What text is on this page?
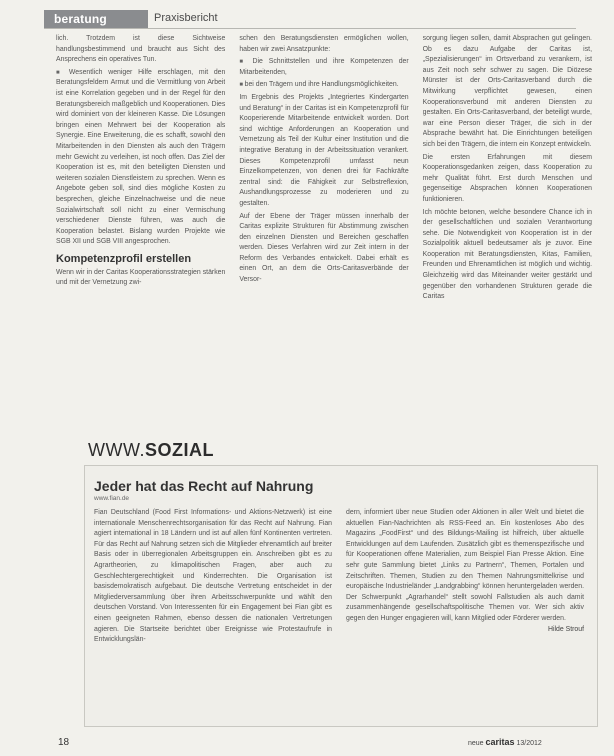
beratung	Praxisbericht

lich. Trotzdem ist diese Sichtweise handlungsbestimmend und braucht aus Sicht des Ansprechens ein operatives Tun.

■ Wesentlich weniger Hilfe erschlagen, mit den Beratungsfeldern Armut und die Vermittlung von Arbeit ist eine Korrelation gegeben und in der Regel für den Beratungsbereich maßgeblich und Kooperationen. Dies wird dominiert von der kleineren Kasse. Die Lösungen bringen einen Mehrwert bei der Kooperation als Synergie. Eine Erweiterung, die es schafft, sowohl den Mitarbeitenden in den Diensten als auch den Trägern mehr Gewicht zu verleihen, ist noch offen. Das Ziel der Kooperation ist es, mit den beteiligten Diensten und weiteren sozialen Dienstleistern zu sprechen. Wenn es Angebote geben soll, sind dies mögliche Kosten zu besprechen, gleiche Einzelnachweise und die neue Sozialwirtschaft soll nicht zu einer Vermischung verschiedener Dienste führen, was auch die Kooperation belastet. Bislang wurden Projekte wie SGB XII und SGB VIII angesprochen.

Kompetenzprofil erstellen

Wenn wir in der Caritas Kooperationsstrategien stärken und mit der Vernetzung zwi-

schen den Beratungsdiensten ermöglichen wollen, haben wir zwei Ansatzpunkte:

■ Die Schnittstellen und ihre Kompetenzen der Mitarbeitenden,

■ bei den Trägern und ihre Handlungsmöglichkeiten.

Im Ergebnis des Projekts „Integriertes Kindergarten und Beratung“ in der Caritas ist ein Kompetenzprofil für Kooperierende Mitarbeitende entwickelt worden. Dort sind wichtige Anforderungen an Kooperation und Vernetzung als Teil der Kultur einer Institution und die integrative Beratung in der Arbeitssituation verankert. Dieses Kompetenzprofil umfasst neun Einzelkompetenzen, von denen drei für Fachkräfte zentral sind: die Fähigkeit zur Selbstreflexion, Aushandlungsprozesse zu moderieren und zu gestalten.

Auf der Ebene der Träger müssen innerhalb der Caritas explizite Strukturen für Abstimmung zwischen den einzelnen Diensten und Bereichen geschaffen werden. Dieses Verfahren wird zur Zeit intern in der Reform des Verbandes entwickelt. Dabei erhält es einen Ort, an dem die Orts-Caritasverbände der Versor-

sorgung liegen sollen, damit Absprachen gut gelingen. Ob es dazu Aufgabe der Caritas ist, „Spezialisierungen“ im Ortsverband zu verankern, ist aus Zeit noch sehr schwer zu sagen. Die Diözese Münster ist der Orts-Caritasverband durch die Mitwirkung verpflichtet gewesen, einen Kooperationsverbund mit anderen Diensten zu gestalten. Ein Orts-Caritasverband, der beteiligt wurde, war eine Person dieser Träger, die sich in der Absprache bewährt hat. Die Einrichtungen beteiligen sich bei den Trägern, die intern ein Konzept entwickeln.

Die ersten Erfahrungen mit diesem Kooperationsgedanken zeigen, dass Kooperation zu mehr Qualität führt. Erst durch Menschen und gegenseitige Absprachen können Kooperationen funktionieren.

Ich möchte betonen, welche besondere Chance ich in der gesellschaftlichen und sozialen Verantwortung sehe. Die Notwendigkeit von Kooperation ist in der Sozialpolitik aktuell bedeutsamer als je zuvor. Eine Kooperation mit Beratungsdiensten, Kitas, Familien, Freunden und Ehrenamtlichen ist möglich und wichtig. Gleichzeitig wird das Miteinander weiter gestärkt und gegenüber den vorhandenen Strukturen gerade die Caritas

WWW.SOZIAL
Jeder hat das Recht auf Nahrung
www.fian.de

Fian Deutschland (Food First Informations- und Aktions-Netzwerk) ist eine internationale Menschenrechtsorganisation für das Recht auf Nahrung. Fian agiert international in 18 Ländern und ist auf allen fünf Kontinenten vertreten. Für das Recht auf Nahrung setzen sich die Mitglieder ehrenamtlich auf breiter Basis oder in überregionalen Arbeitsgruppen ein. Anschreiben gibt es zu Agrartheorien, zu klimapolitischen Fragen, aber auch zu Geschlechtergerechtigkeit und Kinderrechten. Die Organisation ist basisdemokratisch aufgebaut. Die deutsche Vertretung entscheidet in der Mitgliederversammlung über ihren Arbeitsschwerpunkte und wählt den deutschen Vorstand. Von Interessenten für ein Engagement bei Fian gibt es einen geeigneten Rahmen, ebenso dessen die nationalen Vertretungen agieren. Die Startseite berichtet über Ereignisse wie Protestaufrufe in Entwicklungslän-

dern, informiert über neue Studien oder Aktionen in aller Welt und bietet die aktuellen Fian-Nachrichten als RSS-Feed an. Ein kostenloses Abo des Magazins „FoodFirst“ und des Bildungs-Mailing ist hilfreich, über aktuelle Entwicklungen auf dem Laufenden. Zusätzlich gibt es themenspezifische und für Kooperationen offene Materialien, zum Beispiel Fian Presse Aktion. Eine sehr gute Sammlung bietet „Links zu Partnern“, Themen, Portalen und Zeitschriften. Themen, Studien zu den Themen Nahrungsmittelkrise und europäische Industrieländer „Landgrabbing“ können heruntergeladen werden. Der Schwerpunkt „Agrarhandel“ stellt sowohl Fallstudien als auch damit zusammenhängende gesellschaftspolitische Themen vor. Wer sich aktiv gegen den Hunger engagieren will, kann Mitglied oder Förderer werden.

Hilde Strouf
18	neue caritas 13/2012
